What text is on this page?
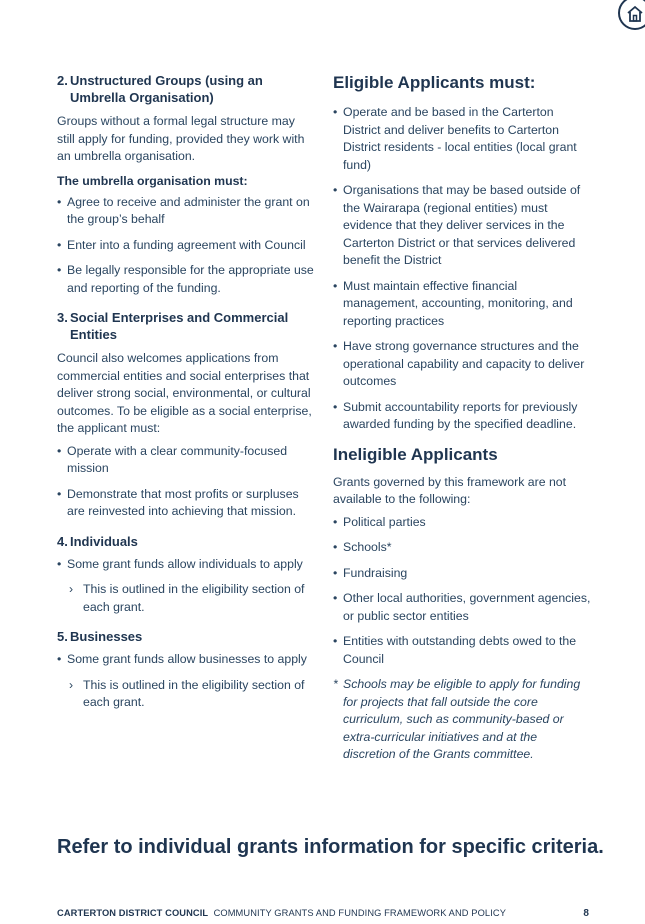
2. Unstructured Groups (using an Umbrella Organisation)

Groups without a formal legal structure may still apply for funding, provided they work with an umbrella organisation.

The umbrella organisation must:

• Agree to receive and administer the grant on the group’s behalf
• Enter into a funding agreement with Council
• Be legally responsible for the appropriate use and reporting of the funding.
3. Social Enterprises and Commercial Entities

Council also welcomes applications from commercial entities and social enterprises that deliver strong social, environmental, or cultural outcomes. To be eligible as a social enterprise, the applicant must:

• Operate with a clear community-focused mission
• Demonstrate that most profits or surpluses are reinvested into achieving that mission.
4. Individuals
• Some grant funds allow individuals to apply
› This is outlined in the eligibility section of each grant.
5. Businesses
• Some grant funds allow businesses to apply
› This is outlined in the eligibility section of each grant.
Eligible Applicants must:
• Operate and be based in the Carterton District and deliver benefits to Carterton District residents - local entities (local grant fund)
• Organisations that may be based outside of the Wairarapa (regional entities) must evidence that they deliver services in the Carterton District or that services delivered benefit the District
• Must maintain effective financial management, accounting, monitoring, and reporting practices
• Have strong governance structures and the operational capability and capacity to deliver outcomes
• Submit accountability reports for previously awarded funding by the specified deadline.
Ineligible Applicants

Grants governed by this framework are not available to the following:

• Political parties
• Schools*
• Fundraising
• Other local authorities, government agencies, or public sector entities
• Entities with outstanding debts owed to the Council

* Schools may be eligible to apply for funding for projects that fall outside the core curriculum, such as community-based or extra-curricular initiatives and at the discretion of the Grants committee.

Refer to individual grants information for specific criteria.

CARTERTON DISTRICT COUNCIL COMMUNITY GRANTS AND FUNDING FRAMEWORK AND POLICY	8
